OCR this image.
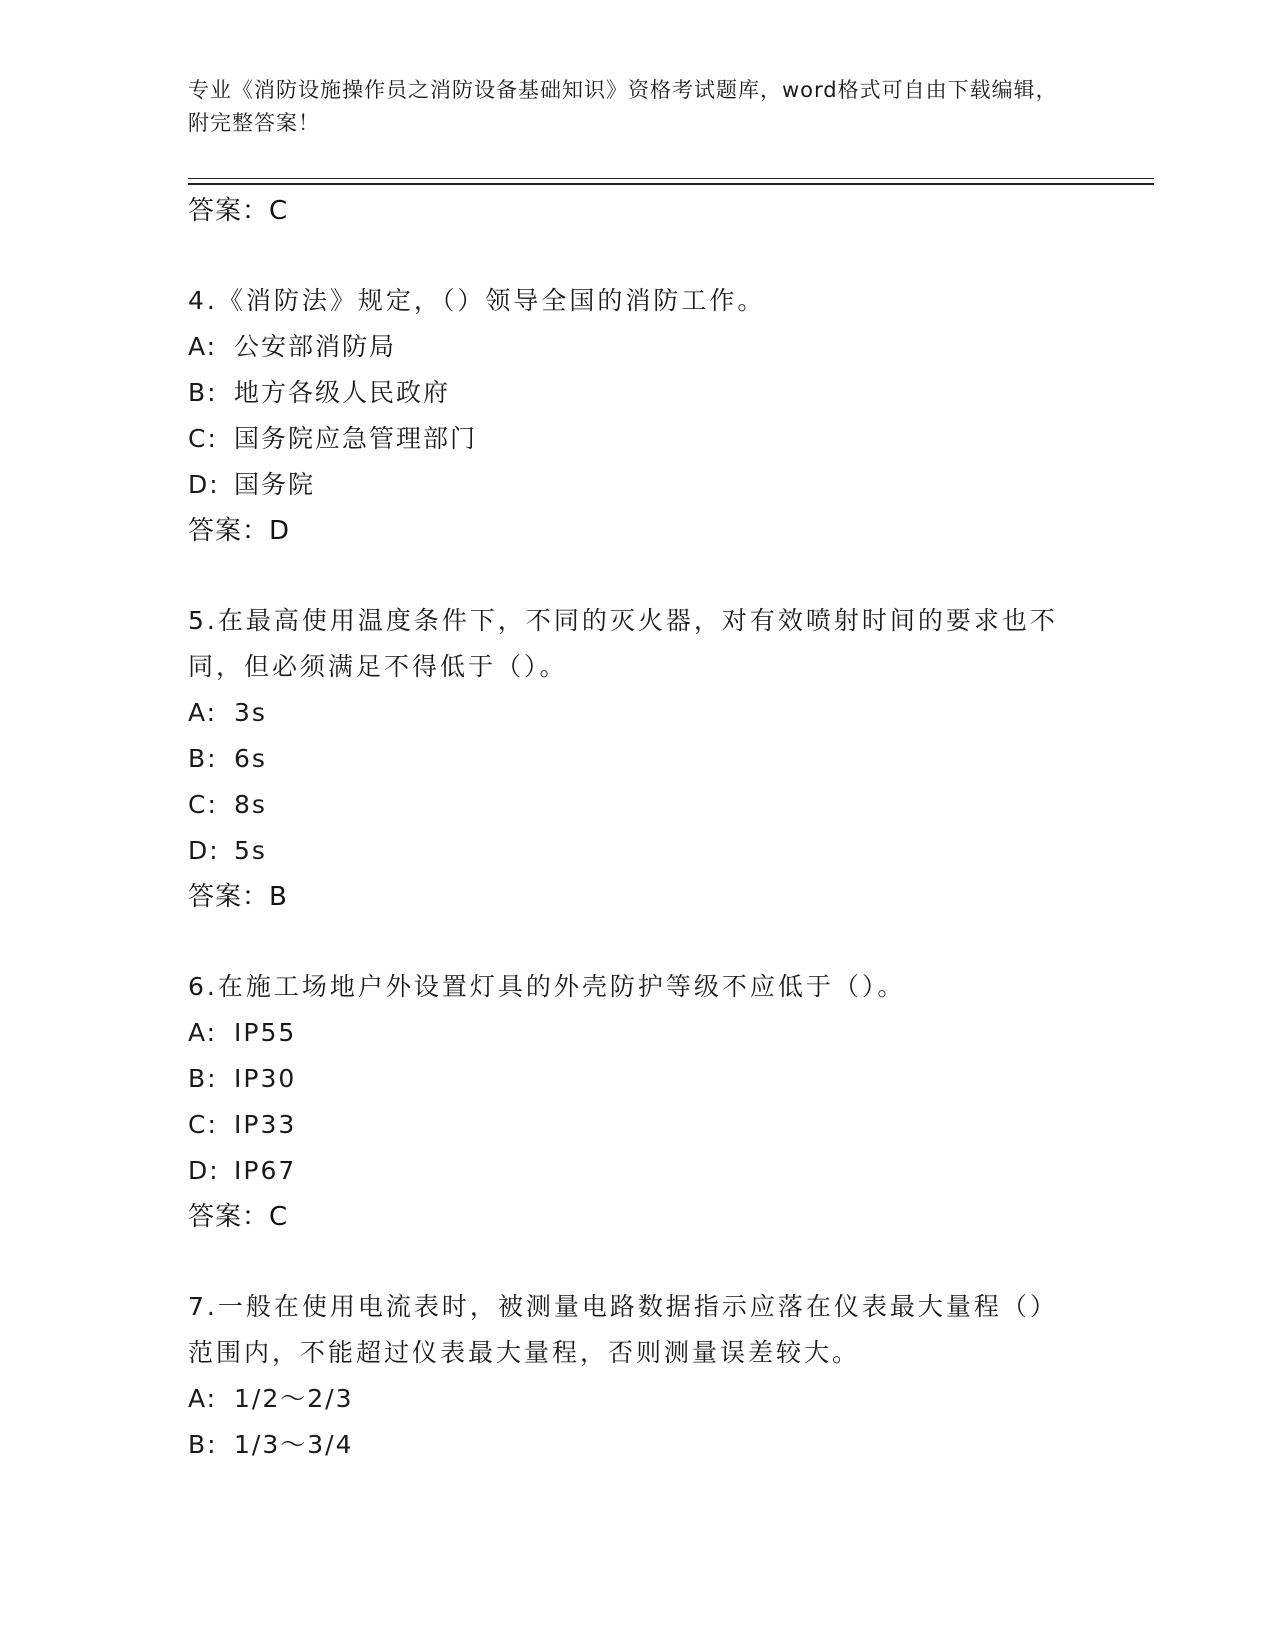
专业《消防设施操作员之消防设备基础知识》资格考试题库，word格式可自由下载编辑，附完整答案！
答案：C
4.《消防法》规定，（）领导全国的消防工作。
A: 公安部消防局
B: 地方各级人民政府
C: 国务院应急管理部门
D: 国务院
答案：D
5.在最高使用温度条件下，不同的灭火器，对有效喷射时间的要求也不同，但必须满足不得低于（）。
A: 3s
B: 6s
C: 8s
D: 5s
答案：B
6.在施工场地户外设置灯具的外壳防护等级不应低于（）。
A: IP55
B: IP30
C: IP33
D: IP67
答案：C
7.一般在使用电流表时，被测量电路数据指示应落在仪表最大量程（）范围内，不能超过仪表最大量程，否则测量误差较大。
A: 1/2～2/3
B: 1/3～3/4
